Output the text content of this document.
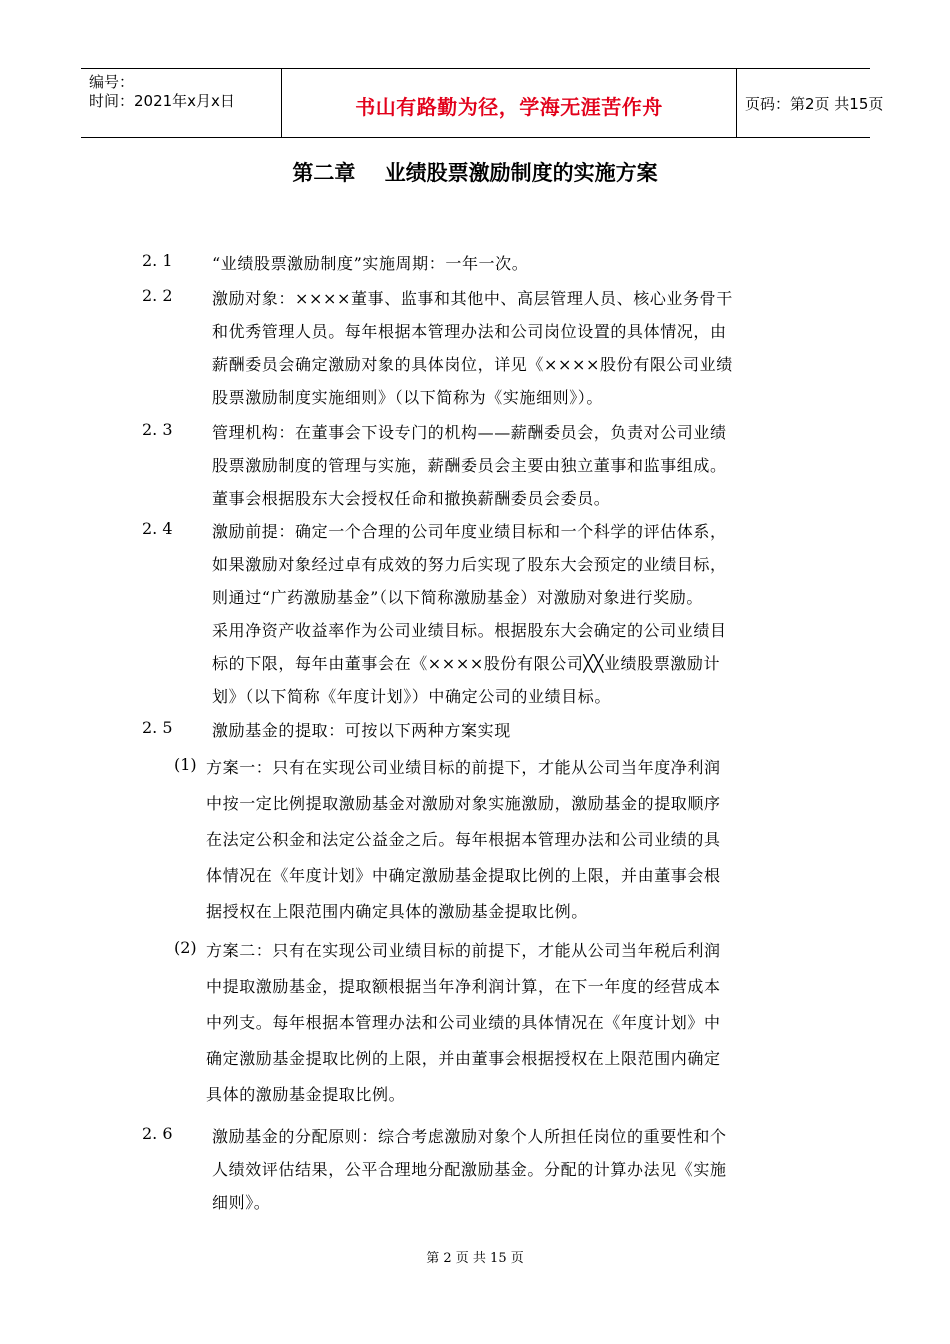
编号：
时间：2021年x月x日	书山有路勤为径，学海无涯苦作舟	页码：第2页 共15页
第二章    业绩股票激励制度的实施方案
2. 1 “业绩股票激励制度”实施周期：一年一次。
2. 2 激励对象：××××董事、监事和其他中、高层管理人员、核心业务骨干
和优秀管理人员。每年根据本管理办法和公司岗位设置的具体情况，由
薪酬委员会确定激励对象的具体岗位，详见《××××股份有限公司业绩
股票激励制度实施细则》（以下简称为《实施细则》）。
2. 3 管理机构：在董事会下设专门的机构——薪酬委员会，负责对公司业绩
股票激励制度的管理与实施，薪酬委员会主要由独立董事和监事组成。
董事会根据股东大会授权任命和撤换薪酬委员会委员。
2. 4 激励前提：确定一个合理的公司年度业绩目标和一个科学的评估体系，
如果激励对象经过卓有成效的努力后实现了股东大会预定的业绩目标，
则通过“广药激励基金”（以下简称激励基金）对激励对象进行奖励。
采用净资产收益率作为公司业绩目标。根据股东大会确定的公司业绩目
标的下限，每年由董事会在《××××股份有限公司╳╳业绩股票激励计
划》（以下简称《年度计划》）中确定公司的业绩目标。
2. 5 激励基金的提取：可按以下两种方案实现
(1) 方案一：只有在实现公司业绩目标的前提下，才能从公司当年度净利润
中按一定比例提取激励基金对激励对象实施激励，激励基金的提取顺序
在法定公积金和法定公益金之后。每年根据本管理办法和公司业绩的具
体情况在《年度计划》中确定激励基金提取比例的上限，并由董事会根
据授权在上限范围内确定具体的激励基金提取比例。
(2) 方案二：只有在实现公司业绩目标的前提下，才能从公司当年税后利润
中提取激励基金，提取额根据当年净利润计算，在下一年度的经营成本
中列支。每年根据本管理办法和公司业绩的具体情况在《年度计划》中
确定激励基金提取比例的上限，并由董事会根据授权在上限范围内确定
具体的激励基金提取比例。
2. 6 激励基金的分配原则：综合考虑激励对象个人所担任岗位的重要性和个
人绩效评估结果，公平合理地分配激励基金。分配的计算办法见《实施
细则》。
第 2 页 共 15 页
